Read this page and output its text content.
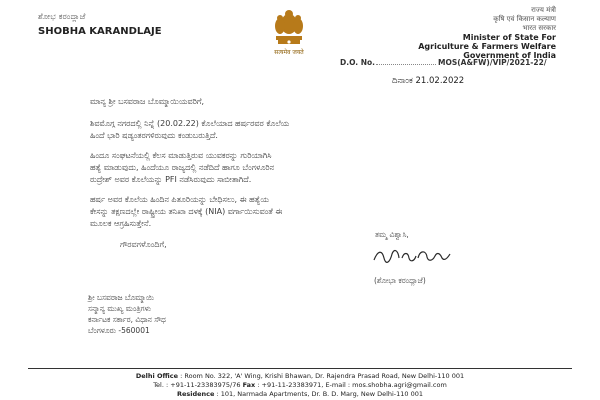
ಶೋಭ ಕರಂದ್ಲಾಜೆ
SHOBHA KARANDLAJE
सत्यमेव जयते
राज्य मंत्री
कृषि एवं किसान कल्याण
भारत सरकार
Minister of State For
Agriculture & Farmers Welfare
Government of India
D.O. No.	MOS(A&FW)/VIP/2021-22/
ದಿನಾಂಕ 21.02.2022
ಮಾನ್ಯ ಶ್ರೀ ಬಸವರಾಜ ಬೊಮ್ಮಾಯಿಯವರಿಗೆ,
ಶಿವಮೊಗ್ಗ ನಗರದಲ್ಲಿ ನಿನ್ನೆ (20.02.22) ಕೊಲೆಯಾದ ಹರ್ಷರವರ ಕೊಲೆಯ
ಹಿಂದೆ ಭಾರಿ ಷಡ್ಯಂತರಗಳಿರುವುದು ಕಂಡುಬರುತ್ತಿದೆ.
ಹಿಂದೂ ಸಂಘಟನೆಯಲ್ಲಿ ಕೆಲಸ ಮಾಡುತ್ತಿರುವ ಯುವಕರನ್ನು ಗುರಿಯಾಗಿಸಿ
ಹತ್ಯೆ ಮಾಡುವುದು, ಹಿಂದೆಯೂ ರಾಜ್ಯದಲ್ಲಿ ನಡೆದಿದೆ ಹಾಗೂ ಬೆಂಗಳೂರಿನ
ರುದ್ರೇಶ್ ಅವರ ಕೊಲೆಯನ್ನು PFI ನಡೆಸಿರುವುದು ಸಾಬೀತಾಗಿದೆ.
ಹರ್ಷ ಅವರ ಕೊಲೆಯ ಹಿಂದಿನ ಪಿತೂರಿಯನ್ನು ಬೇಧಿಸಲು, ಈ ಹತ್ಯೆಯ
ಕೇಸನ್ನು ತಕ್ಷಣದಲ್ಲೇ ರಾಷ್ಟ್ರೀಯ ತನಿಖಾ ದಳಕ್ಕೆ (NIA) ವರ್ಗಾಯಿಸುವಂತೆ ಈ
ಮೂಲಕ ಆಗ್ರಹಿಸುತ್ತೇನೆ.
ಗೌರವಗಳೊಂದಿಗೆ,
ತಮ್ಮ ವಿಶ್ವಾಸಿ,
(ಶೋಭಾ ಕರಂದ್ಲಾಜೆ)
ಶ್ರೀ ಬಸವರಾಜ ಬೊಮ್ಮಾಯಿ
ಸನ್ಮಾನ್ಯ ಮುಖ್ಯ ಮಂತ್ರಿಗಳು
ಕರ್ನಾಟಕ ಸರ್ಕಾರ, ವಿಧಾನ ಸೌಧ
ಬೆಂಗಳೂರು -560001
Delhi Office : Room No. 322, 'A' Wing, Krishi Bhawan, Dr. Rajendra Prasad Road, New Delhi-110 001
Tel. : +91-11-23383975/76 Fax : +91-11-23383971, E-mail : mos.shobha.agri@gmail.com
Residence : 101, Narmada Apartments, Dr. B. D. Marg, New Delhi-110 001
